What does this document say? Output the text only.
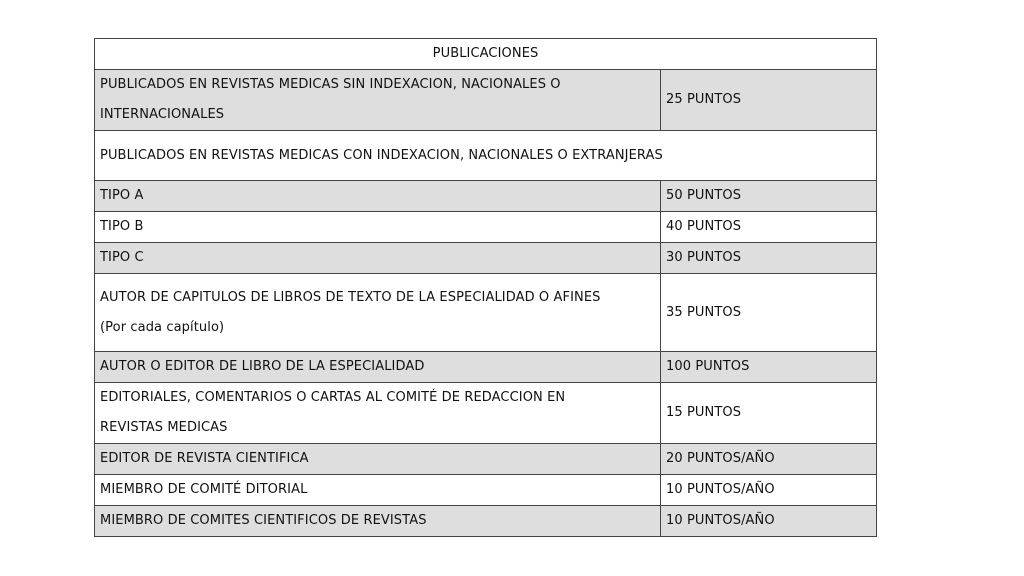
PUBLICACIONES	

PUBLICADOS EN REVISTAS MEDICAS SIN INDEXACION, NACIONALES O
INTERNACIONALES	25 PUNTOS
PUBLICADOS EN REVISTAS MEDICAS CON INDEXACION, NACIONALES O EXTRANJERAS	
TIPO A	50 PUNTOS
TIPO B	40 PUNTOS
TIPO C	30 PUNTOS

AUTOR DE CAPITULOS DE LIBROS DE TEXTO DE LA ESPECIALIDAD O AFINES
(Por cada capítulo)	35 PUNTOS
AUTOR O EDITOR DE LIBRO DE LA ESPECIALIDAD	100 PUNTOS

EDITORIALES, COMENTARIOS O CARTAS AL COMITÉ DE REDACCION EN
REVISTAS MEDICAS	15 PUNTOS
EDITOR DE REVISTA CIENTIFICA	20 PUNTOS/AÑO
MIEMBRO DE COMITÉ DITORIAL	10 PUNTOS/AÑO
MIEMBRO DE COMITES CIENTIFICOS DE REVISTAS	10 PUNTOS/AÑO
